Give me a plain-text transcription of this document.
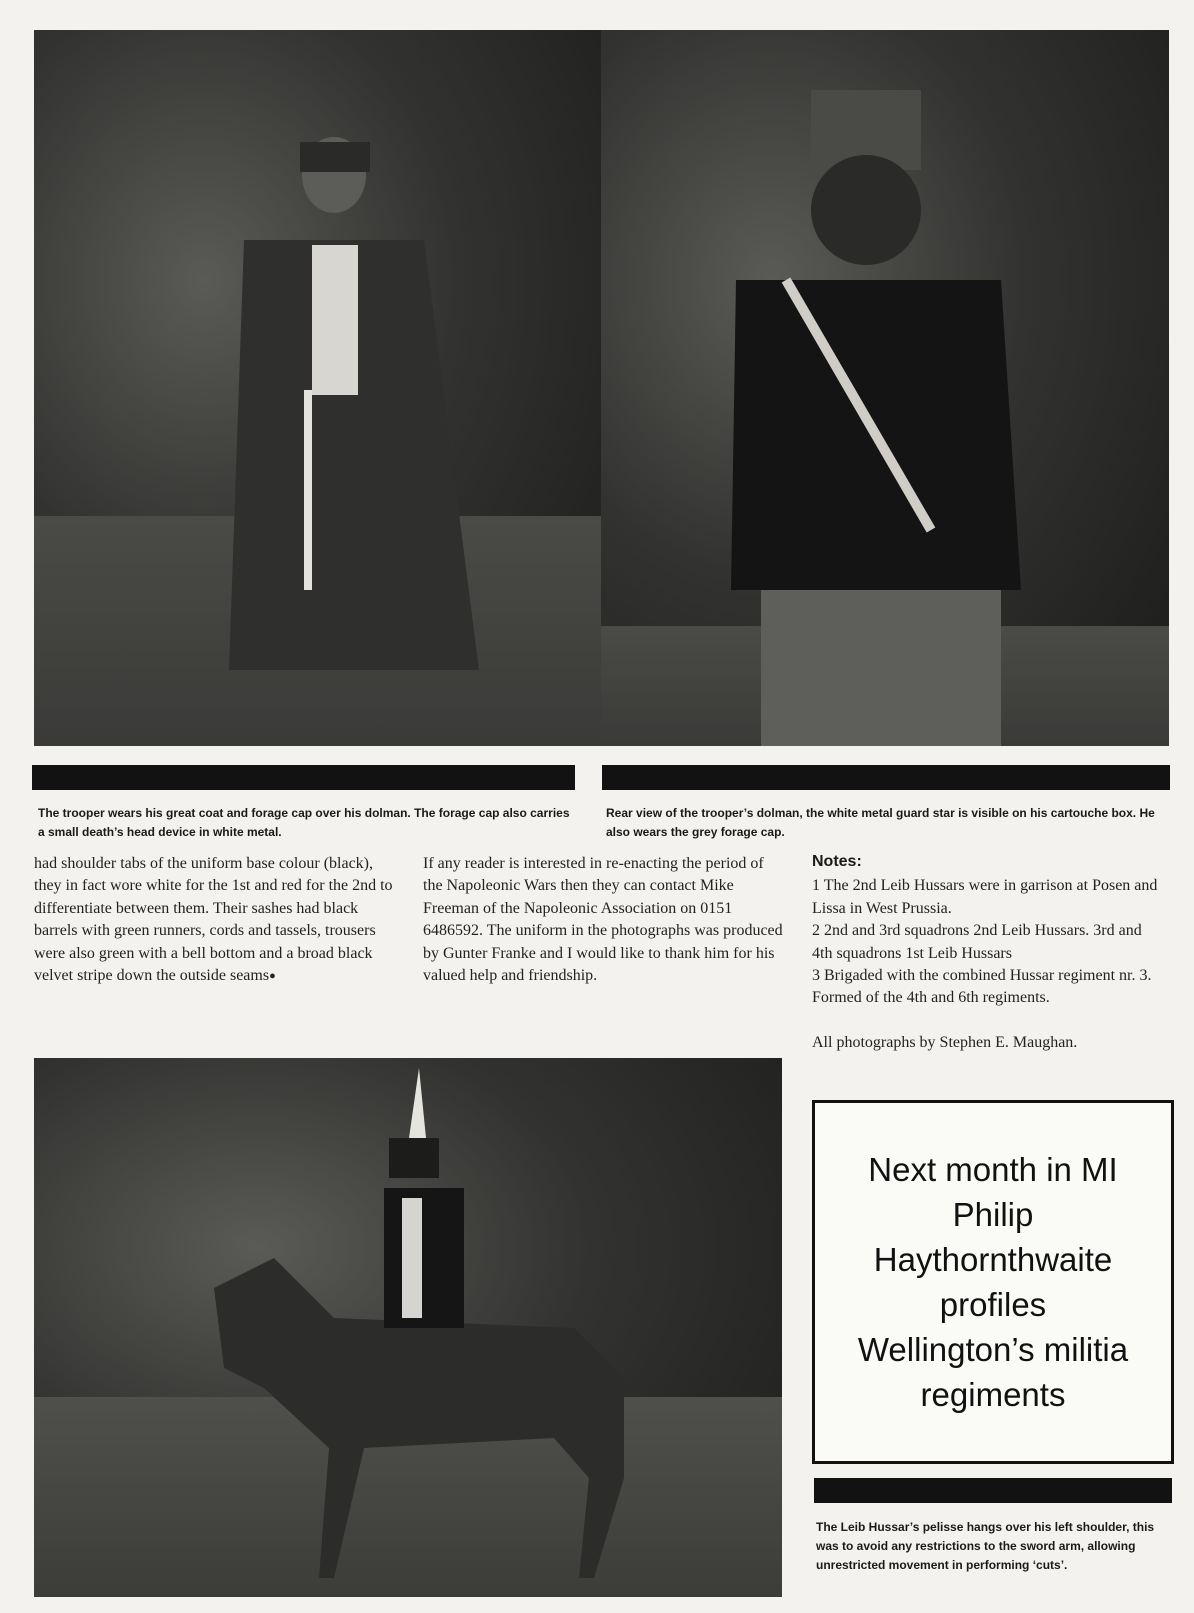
The trooper wears his great coat and forage cap over his dolman. The forage cap also carries a small death’s head device in white metal.
Rear view of the trooper’s dolman, the white metal guard star is visible on his cartouche box. He also wears the grey forage cap.

had shoulder tabs of the uniform base colour (black), they in fact wore white for the 1st and red for the 2nd to differentiate between them. Their sashes had black barrels with green runners, cords and tassels, trousers were also green with a bell bottom and a broad black velvet stripe down the outside seams●

If any reader is interested in re-enacting the period of the Napoleonic Wars then they can contact Mike Freeman of the Napoleonic Association on 0151 6486592. The uniform in the photographs was produced by Gunter Franke and I would like to thank him for his valued help and friendship.

Notes:

1 The 2nd Leib Hussars were in garrison at Posen and Lissa in West Prussia.

2 2nd and 3rd squadrons 2nd Leib Hussars. 3rd and 4th squadrons 1st Leib Hussars

3 Brigaded with the combined Hussar regiment nr. 3. Formed of the 4th and 6th regiments.

All photographs by Stephen E. Maughan.

Next month in MI
Philip
Haythornthwaite
profiles
Wellington’s militia
regiments
The Leib Hussar’s pelisse hangs over his left shoulder, this was to avoid any restrictions to the sword arm, allowing unrestricted movement in performing ‘cuts’.
